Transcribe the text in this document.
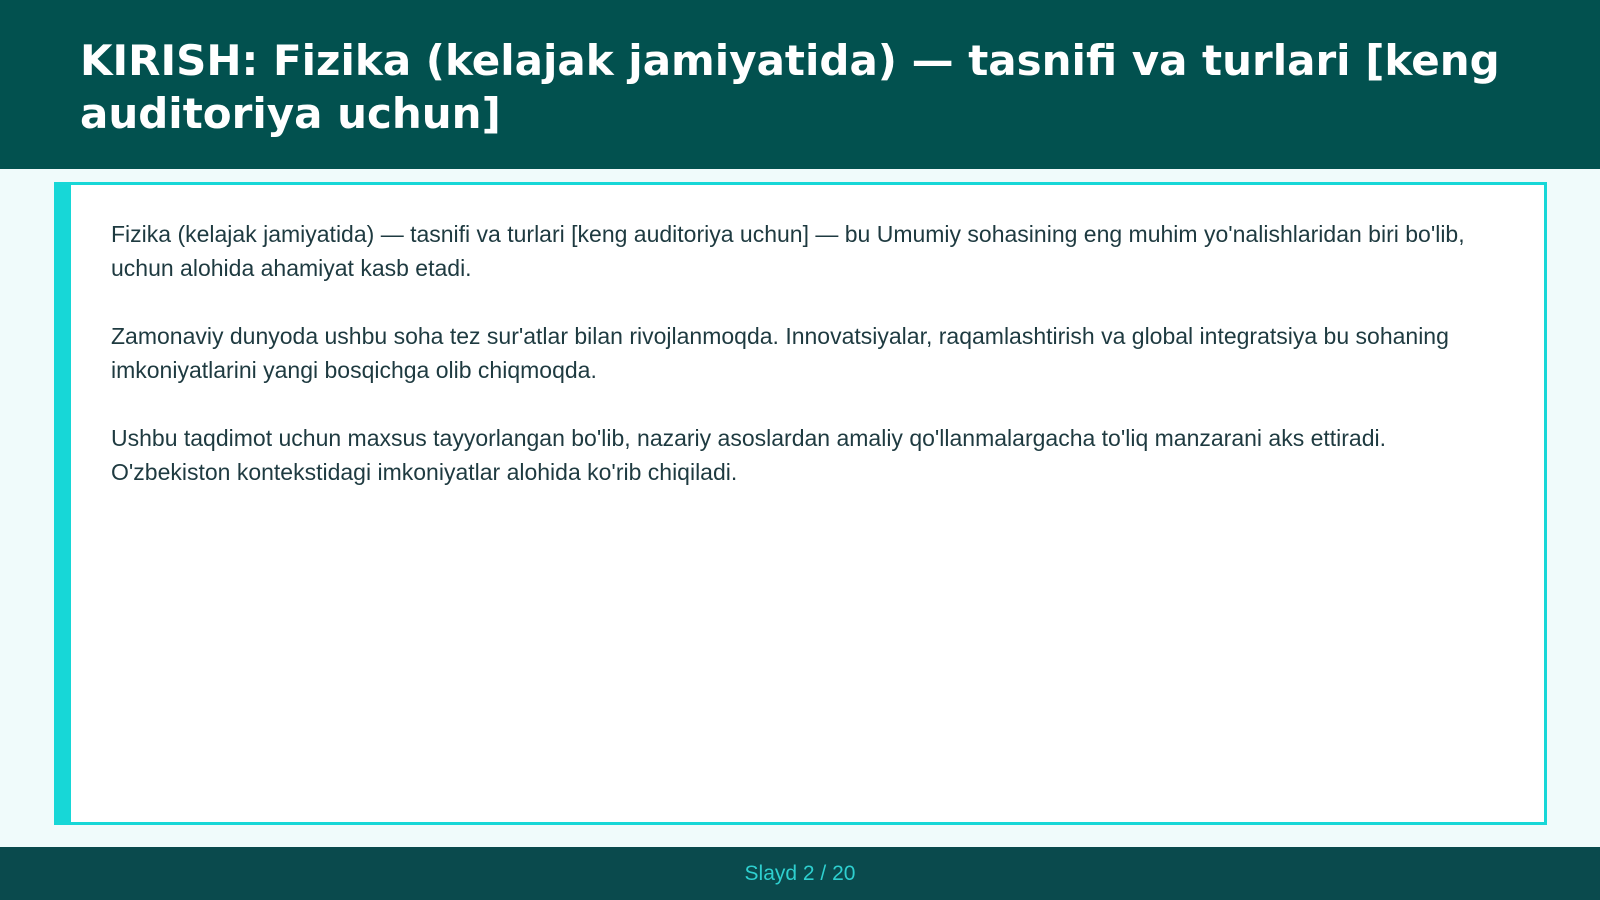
KIRISH: Fizika (kelajak jamiyatida) — tasnifi va turlari [keng auditoriya uchun]

Fizika (kelajak jamiyatida) — tasnifi va turlari [keng auditoriya uchun] — bu Umumiy sohasining eng muhim yo'nalishlaridan biri bo'lib, uchun alohida ahamiyat kasb etadi.

Zamonaviy dunyoda ushbu soha tez sur'atlar bilan rivojlanmoqda. Innovatsiyalar, raqamlashtirish va global integratsiya bu sohaning imkoniyatlarini yangi bosqichga olib chiqmoqda.

Ushbu taqdimot uchun maxsus tayyorlangan bo'lib, nazariy asoslardan amaliy qo'llanmalargacha to'liq manzarani aks ettiradi. O'zbekiston kontekstidagi imkoniyatlar alohida ko'rib chiqiladi.

Slayd 2 / 20
